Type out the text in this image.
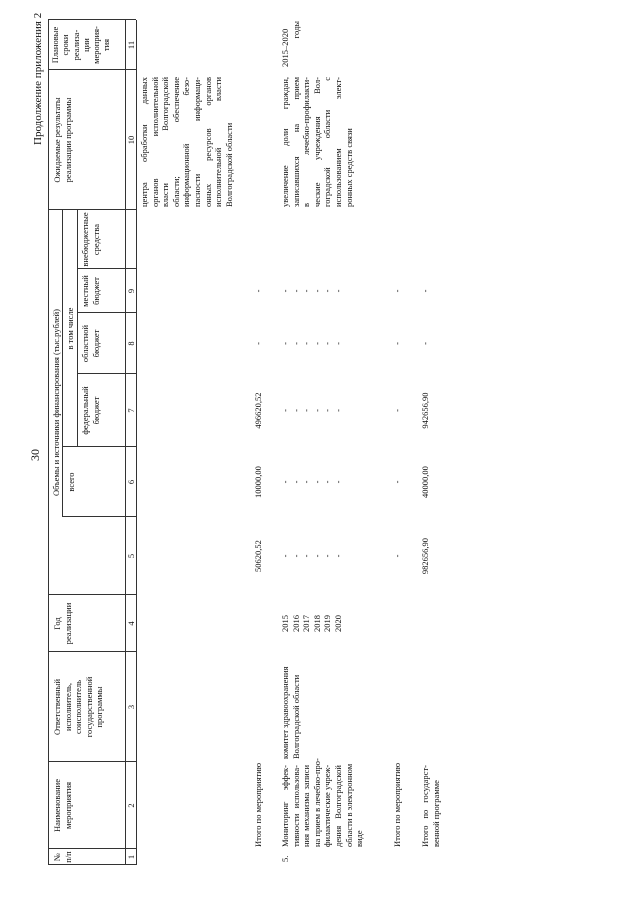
30
Продолжение приложения 2
№ п/п
Наименование мероприятия
Ответственный исполнитель, соисполнитель государственной программы
Год реализации
Объемы и источники финансирования (тыс.рублей) всего
в том числе
федеральный бюджет
областной бюджет
местный бюджет
внебюджетные средства
Ожидаемые результаты реализации программы
Плановые сроки реализа- ции мероприя- тия
1
2
3
4
5
6
7
8
9
10
11
центра обработки данных органов исполнительной власти Волгоградской области; обеспечение информационной безо- пасности информаци- онных ресурсов органов исполнительной власти Волгоградской области
Итого по мероприятию
50620,52
10000,00
496620,52
-
-
5.
Мониторинг эффек- тивности использова- ния механизма записи на прием в лечебно-про- филактические учреж- дения Волгоградской области в электронном виде
комитет здравоохранения Волгоградской области
2015 2016 2017 2018 2019 2020
- - - - - -
- - - - - -
- - - - - -
- - - - - -
- - - - - -
увеличение доли граждан, записавшихся на прием в лечебно-профилакти- ческие учреждения Вол- гоградской области с использованием элект- ронных средств связи
2015–2020 годы
Итого по мероприятию
-
-
-
-
-
Итого по государст- венной программе
982656,90
40000,00
942656,90
-
-
